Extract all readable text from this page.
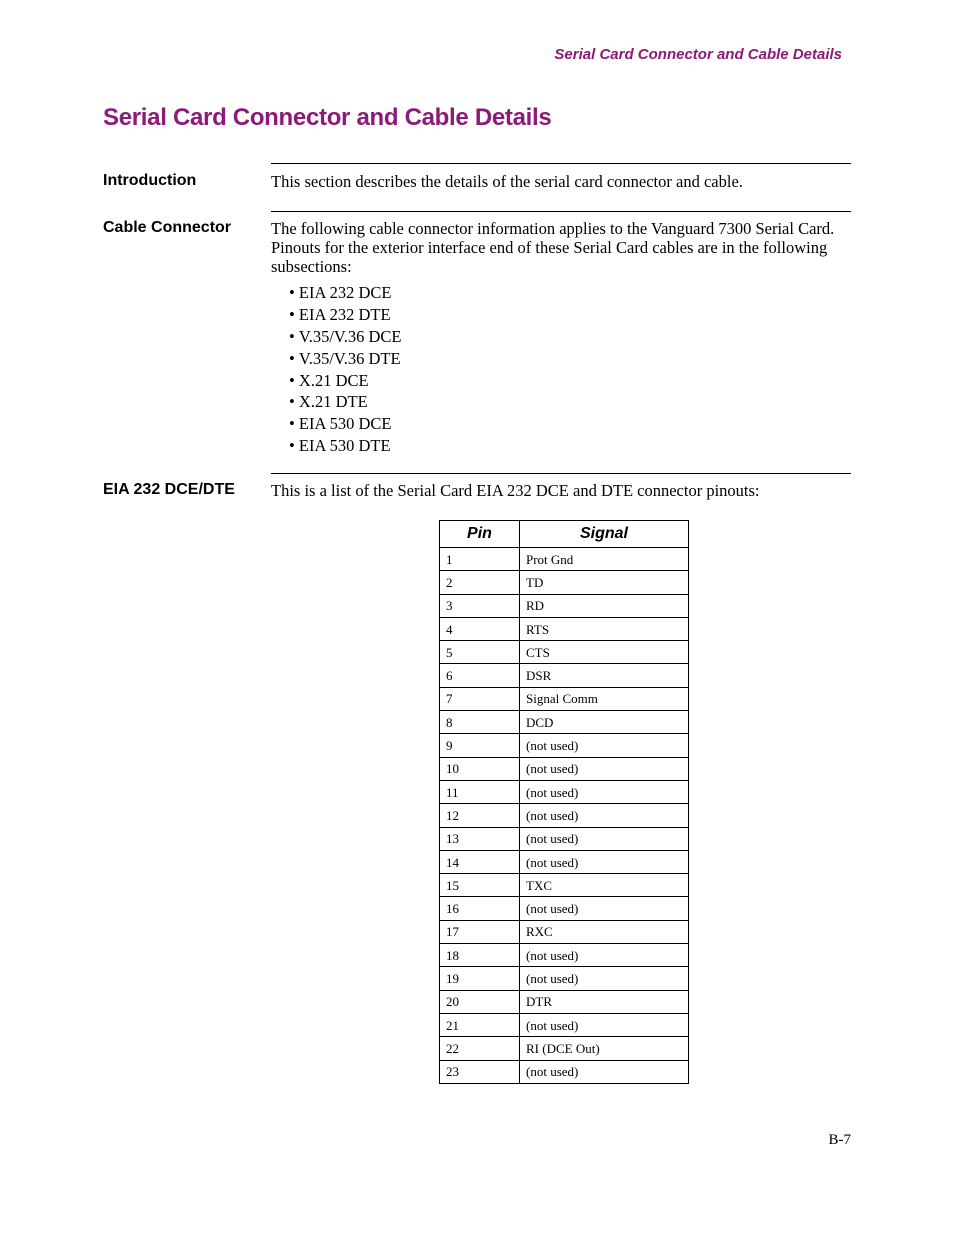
Serial Card Connector and Cable Details
Serial Card Connector and Cable Details
Introduction	This section describes the details of the serial card connector and cable.
Cable Connector The following cable connector information applies to the Vanguard 7300 Serial Card. Pinouts for the exterior interface end of these Serial Card cables are in the following subsections:
• EIA 232 DCE
• EIA 232 DTE
• V.35/V.36 DCE
• V.35/V.36 DTE
• X.21 DCE
• X.21 DTE
• EIA 530 DCE
• EIA 530 DTE
EIA 232 DCE/DTE This is a list of the Serial Card EIA 232 DCE and DTE connector pinouts:
Pin	Signal
1	Prot Gnd
2	TD
3	RD
4	RTS
5	CTS
6	DSR
7	Signal Comm
8	DCD
9	(not used)
10	(not used)
11	(not used)
12	(not used)
13	(not used)
14	(not used)
15	TXC
16	(not used)
17	RXC
18	(not used)
19	(not used)
20	DTR
21	(not used)
22	RI (DCE Out)
23	(not used)
B-7
